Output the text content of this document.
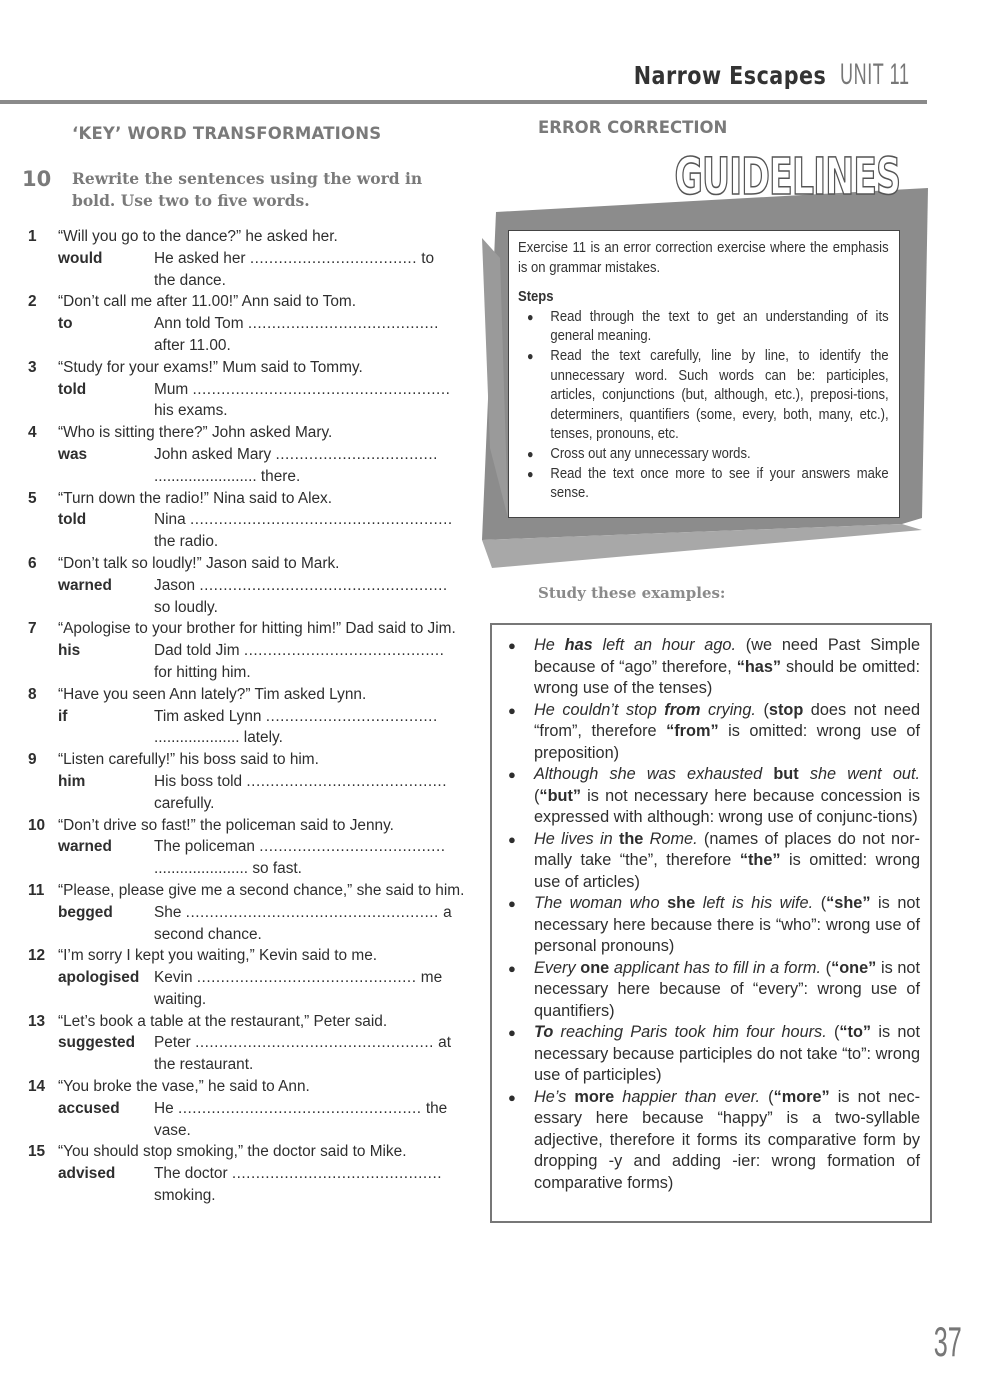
Narrow Escapes UNIT 11
‘KEY’ WORD TRANSFORMATIONS
10	Rewrite the sentences using the word in bold. Use two to five words.
1	“Will you go to the dance?” he asked her.
would	He asked her ................................... to
the dance.
2	“Don’t call me after 11.00!” Ann said to Tom.
to	Ann told Tom ........................................
after 11.00.
3	“Study for your exams!” Mum said to Tommy.
told	Mum ......................................................
his exams.
4	“Who is sitting there?” John asked Mary.
was	John asked Mary ..................................
........................ there.
5	“Turn down the radio!” Nina said to Alex.
told	Nina .......................................................
the radio.
6	“Don’t talk so loudly!” Jason said to Mark.
warned	Jason ....................................................
so loudly.
7	“Apologise to your brother for hitting him!” Dad said to Jim.
his	Dad told Jim ..........................................
for hitting him.
8	“Have you seen Ann lately?” Tim asked Lynn.
if	Tim asked Lynn ....................................
.................... lately.
9	“Listen carefully!” his boss said to him.
him	His boss told ..........................................
carefully.
10 “Don’t drive so fast!” the policeman said to Jenny.
warned	The policeman .......................................
...................... so fast.
11 “Please, please give me a second chance,” she said to him.
begged	She ..................................................... a
second chance.
12 “I’m sorry I kept you waiting,” Kevin said to me.
apologised Kevin .............................................. me
waiting.
13 “Let’s book a table at the restaurant,” Peter said.
suggested	Peter .................................................. at
the restaurant.
14 “You broke the vase,” he said to Ann.
accused	He ................................................... the
vase.
15 “You should stop smoking,” the doctor said to Mike.
advised	The doctor ............................................
smoking.
ERROR CORRECTION
GUIDELINES
Exercise 11 is an error correction exercise where the emphasis is on grammar mistakes.
Steps
●	Read through the text to get an understanding of its general meaning.
●	Read the text carefully, line by line, to identify the unnecessary word. Such words can be: participles, articles, conjunctions (but, although, etc.), preposi-tions, determiners, quantifiers (some, every, both, many, etc.), tenses, pronouns, etc.
●	Cross out any unnecessary words.
●	Read the text once more to see if your answers make sense.
Study these examples:
●	He has left an hour ago. (we need Past Simple because of “ago” therefore, “has” should be omitted: wrong use of the tenses)
●	He couldn’t stop from crying. (stop does not need “from”, therefore “from” is omitted: wrong use of preposition)
●	Although she was exhausted but she went out. (“but” is not necessary here because concession is expressed with although: wrong use of conjunc-tions)
●	He lives in the Rome. (names of places do not nor-mally take “the”, therefore “the” is omitted: wrong use of articles)
●	The woman who she left is his wife. (“she” is not necessary here because there is “who”: wrong use of personal pronouns)
●	Every one applicant has to fill in a form. (“one” is not necessary here because of “every”: wrong use of quantifiers)
●	To reaching Paris took him four hours. (“to” is not necessary because participles do not take “to”: wrong use of participles)
●	He’s more happier than ever. (“more” is not nec-essary here because “happy” is a two-syllable adjective, therefore it forms its comparative form by dropping -y and adding -ier: wrong formation of comparative forms)
37
